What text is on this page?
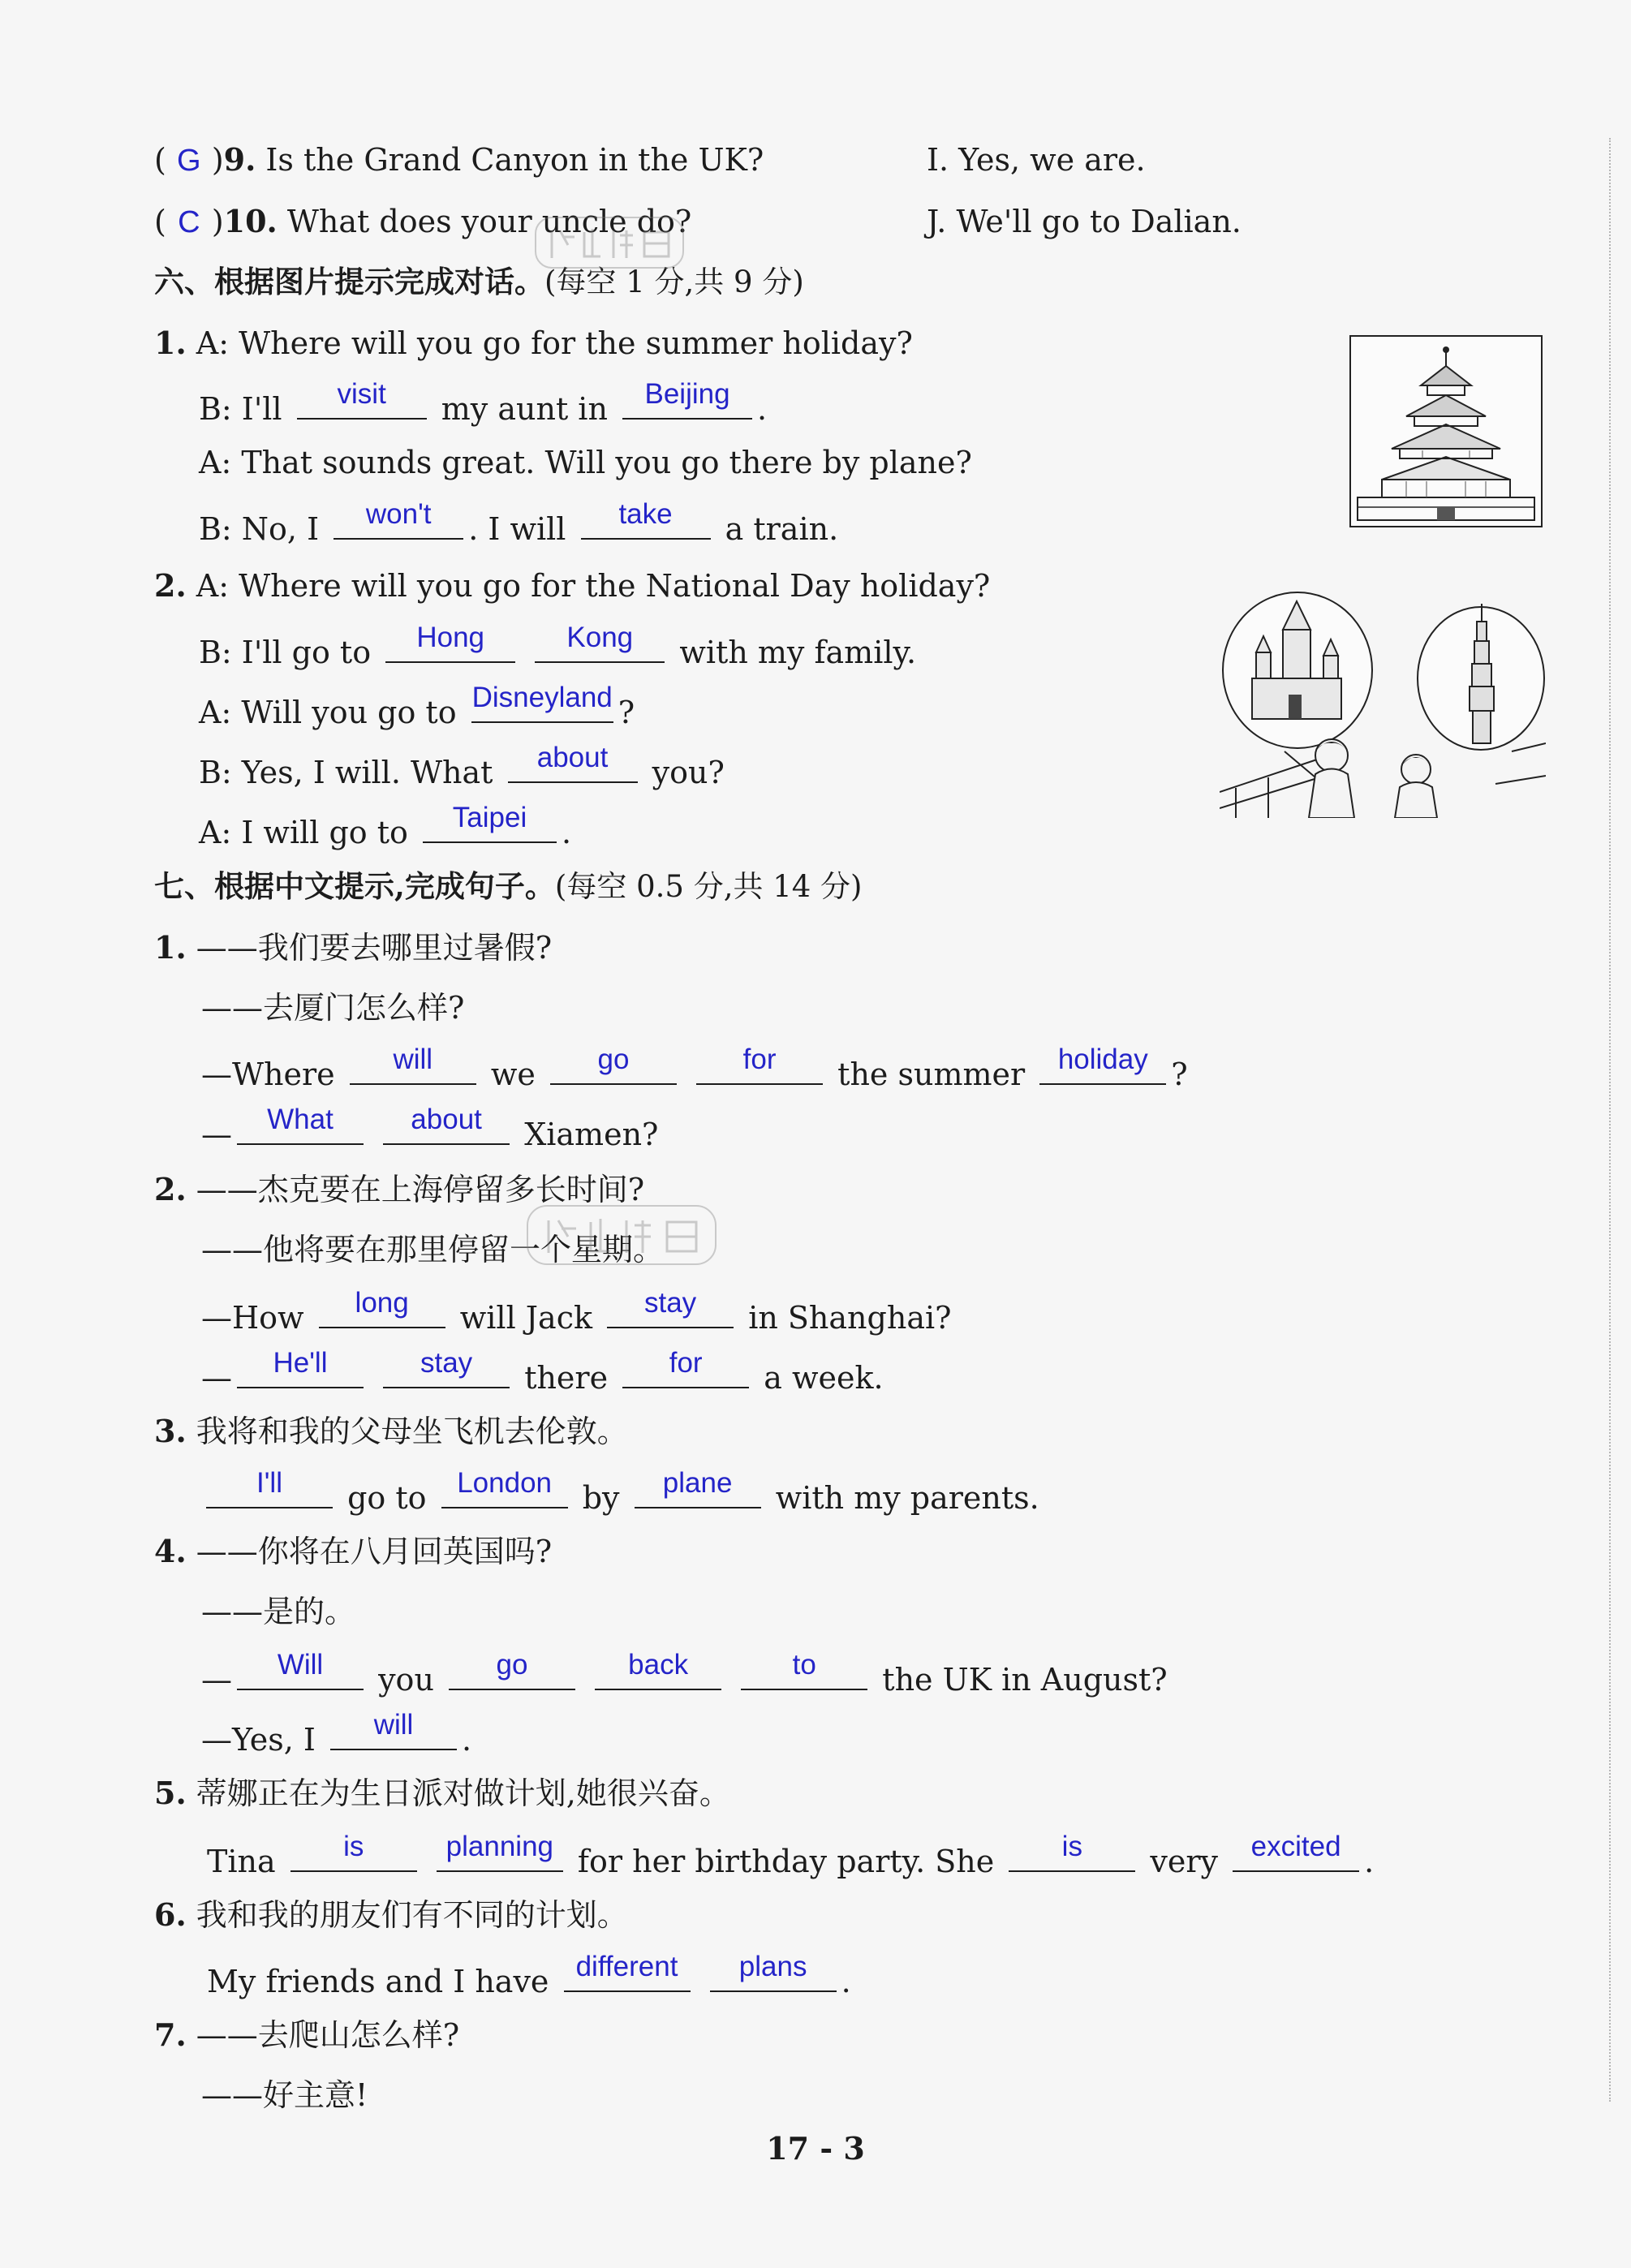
( G )9. Is the Grand Canyon in the UK?	I. Yes, we are.
( C )10. What does your uncle do?	J. We'll go to Dalian.
六、根据图片提示完成对话。(每空 1 分,共 9 分)
1. A: Where will you go for the summer holiday?
B: I'll	visit	my aunt in	Beijing .
A: That sounds great. Will you go there by plane?
B: No, I	won't	. I will	take	a train.
2. A: Where will you go for the National Day holiday?
B: I'll go to	Hong
	Kong	with my family.
A: Will you go to Disneyland ?
B: Yes, I will. What	about	you?
A: I will go to	Taipei	.
七、根据中文提示,完成句子。(每空 0.5 分,共 14 分)
1. ——我们要去哪里过暑假?
——去厦门怎么样?
—Where	will	we	go
	for	the summer	holiday ?
—	What
	about	Xiamen?
2. ——杰克要在上海停留多长时间?
——他将要在那里停留一个星期。
—How	long	will Jack	stay	in Shanghai?
—	He'll
	stay	there	for	a week.
3. 我将和我的父母坐飞机去伦敦。
I'll	go to	London by	plane	with my parents.
4. ——你将在八月回英国吗?
——是的。
—	Will	you	go
	back
	to	the UK in August?
—Yes, I	will	.
5. 蒂娜正在为生日派对做计划,她很兴奋。
Tina	is
	planning for her birthday party. She	is	very	excited .
6. 我和我的朋友们有不同的计划。
My friends and I have different
	plans	.
7. ——去爬山怎么样?
——好主意!
17 - 3
